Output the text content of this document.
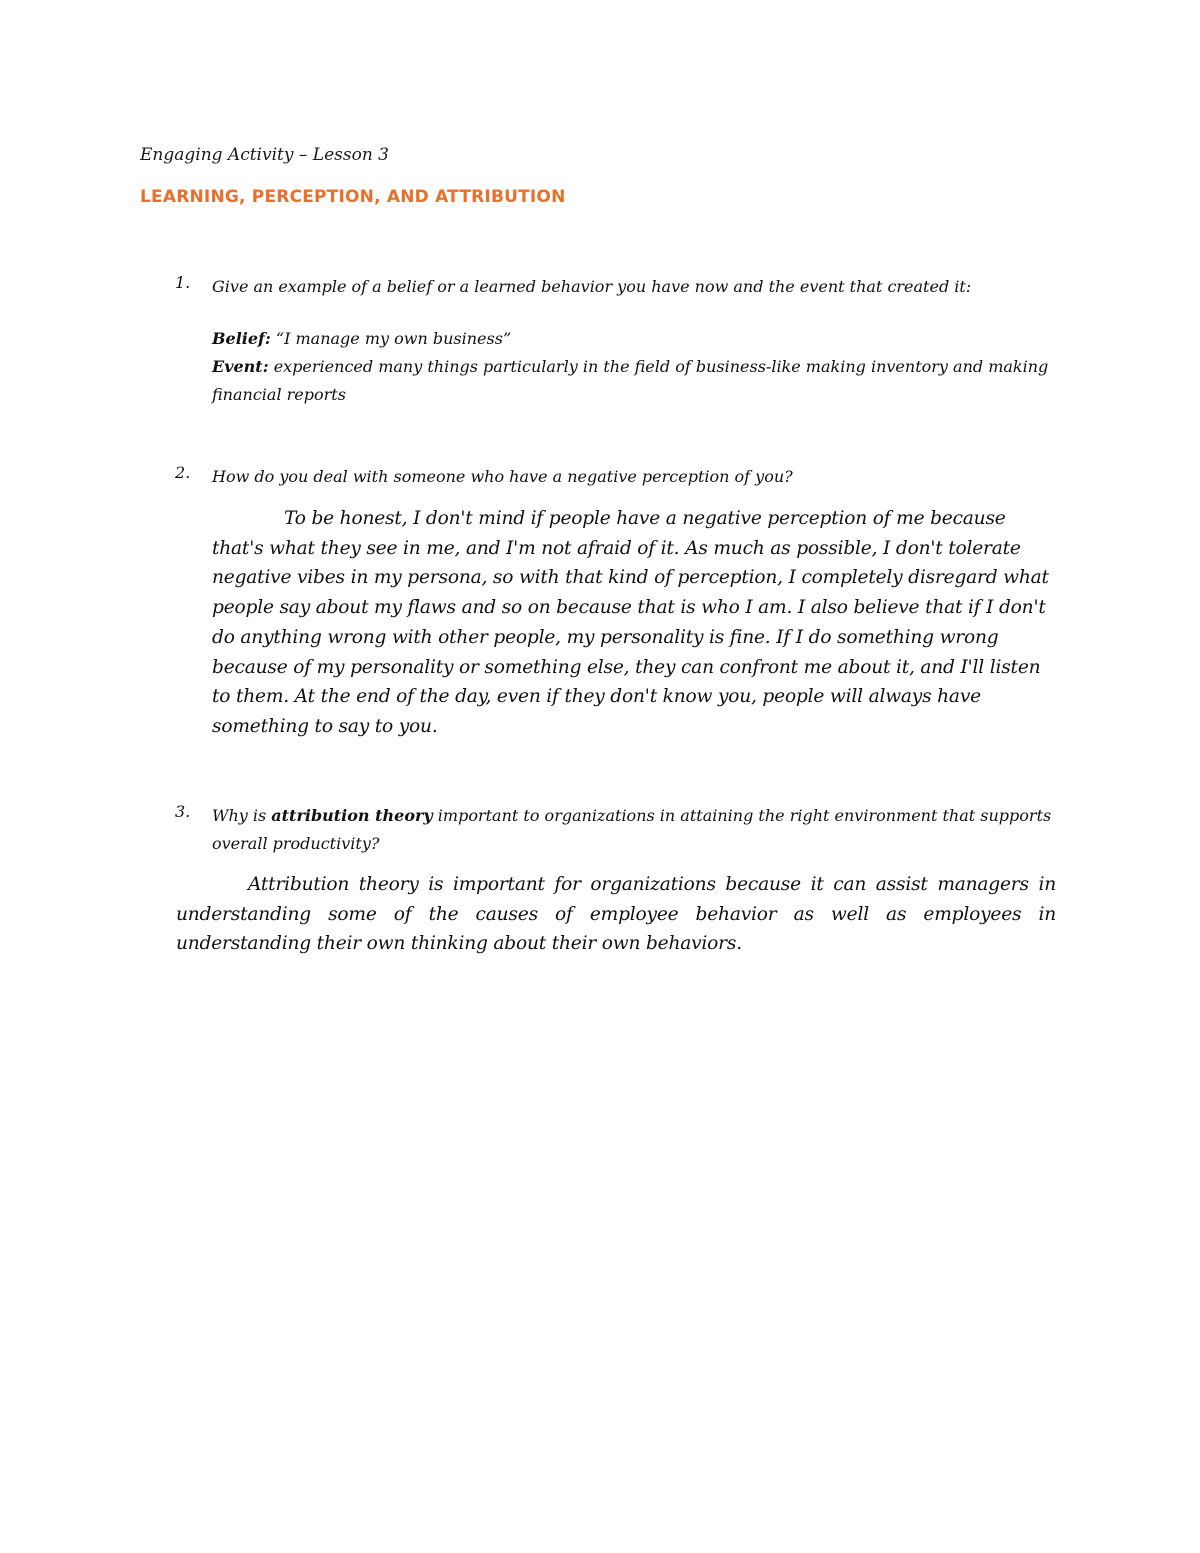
Engaging Activity – Lesson 3
LEARNING, PERCEPTION, AND ATTRIBUTION
1. Give an example of a belief or a learned behavior you have now and the event that created it:
Belief: “I manage my own business”
Event: experienced many things particularly in the field of business-like making inventory and making financial reports
2. How do you deal with someone who have a negative perception of you?
To be honest, I don't mind if people have a negative perception of me because that's what they see in me, and I'm not afraid of it. As much as possible, I don't tolerate negative vibes in my persona, so with that kind of perception, I completely disregard what people say about my flaws and so on because that is who I am. I also believe that if I don't do anything wrong with other people, my personality is fine. If I do something wrong because of my personality or something else, they can confront me about it, and I'll listen to them. At the end of the day, even if they don't know you, people will always have something to say to you.
3. Why is attribution theory important to organizations in attaining the right environment that supports overall productivity?
Attribution theory is important for organizations because it can assist managers in understanding some of the causes of employee behavior as well as employees in understanding their own thinking about their own behaviors.
